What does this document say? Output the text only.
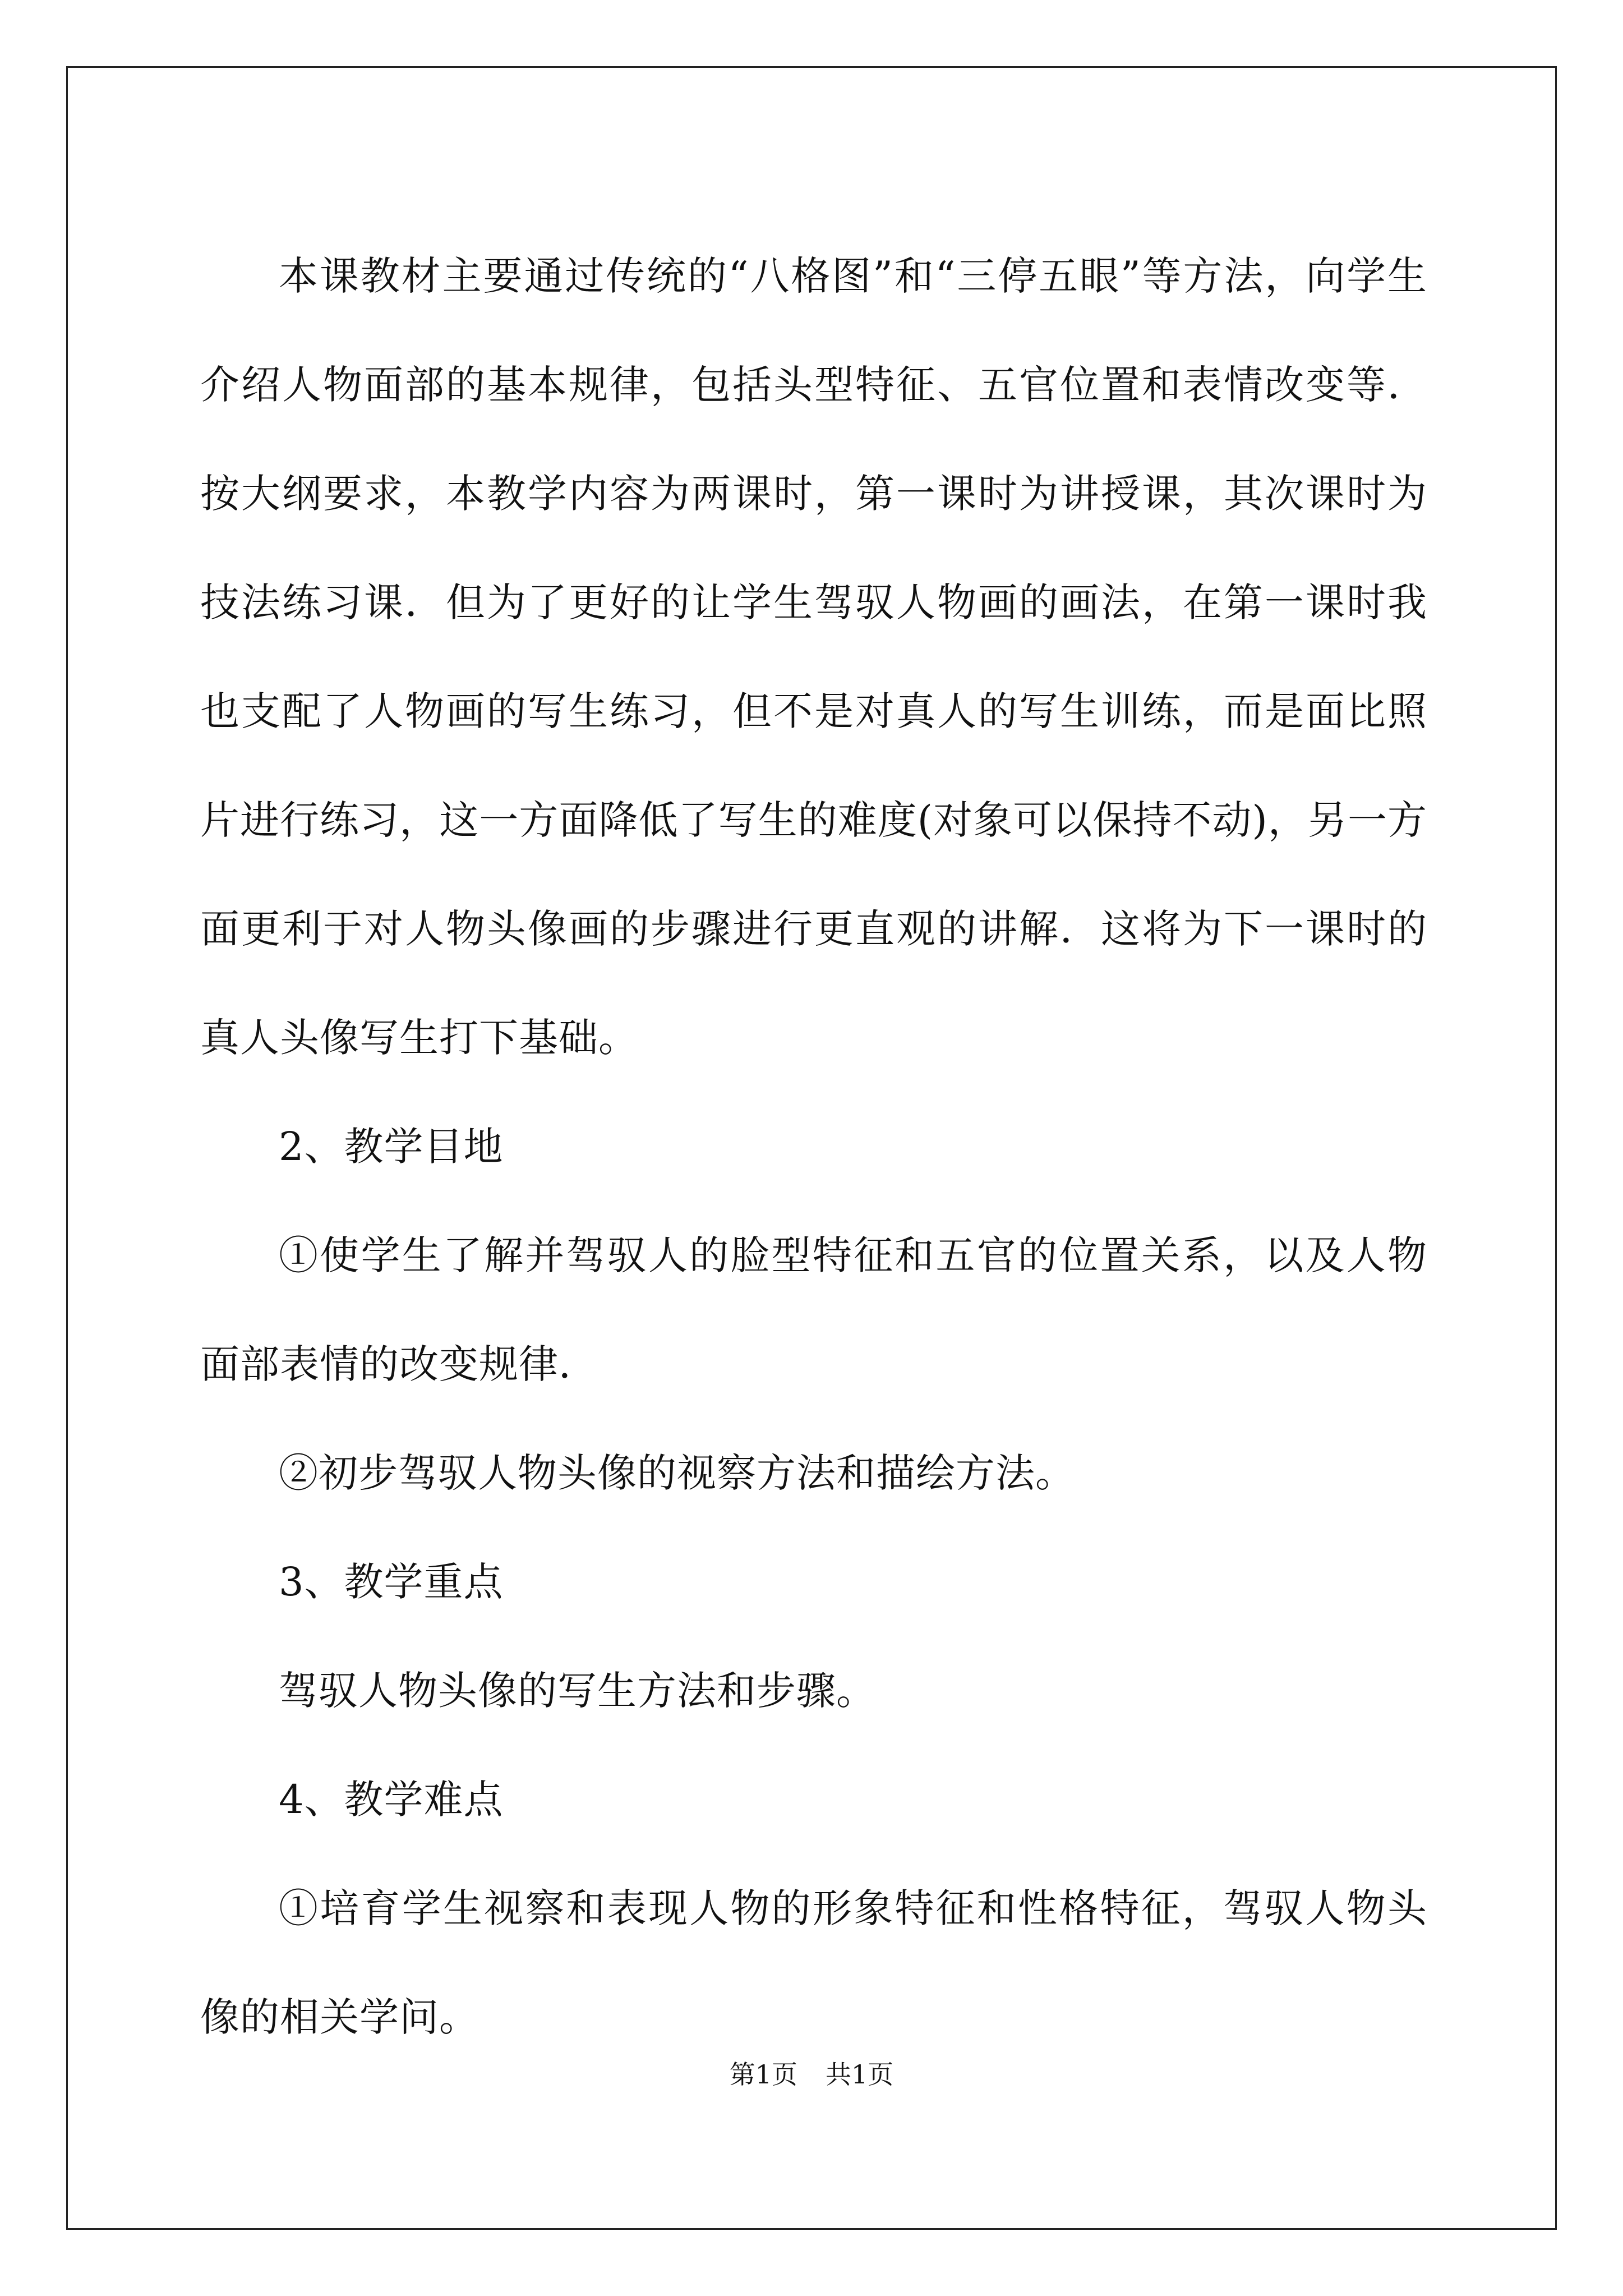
本课教材主要通过传统的“八格图”和“三停五眼”等方法，向学生介绍人物面部的基本规律，包括头型特征、五官位置和表情改变等．按大纲要求，本教学内容为两课时，第一课时为讲授课，其次课时为技法练习课．但为了更好的让学生驾驭人物画的画法，在第一课时我也支配了人物画的写生练习，但不是对真人的写生训练，而是面比照片进行练习，这一方面降低了写生的难度(对象可以保持不动)，另一方面更利于对人物头像画的步骤进行更直观的讲解．这将为下一课时的真人头像写生打下基础。

2、教学目地

①使学生了解并驾驭人的脸型特征和五官的位置关系，以及人物面部表情的改变规律．

②初步驾驭人物头像的视察方法和描绘方法。

3、教学重点

驾驭人物头像的写生方法和步骤。

4、教学难点

①培育学生视察和表现人物的形象特征和性格特征，驾驭人物头像的相关学问。

第1页 共1页
